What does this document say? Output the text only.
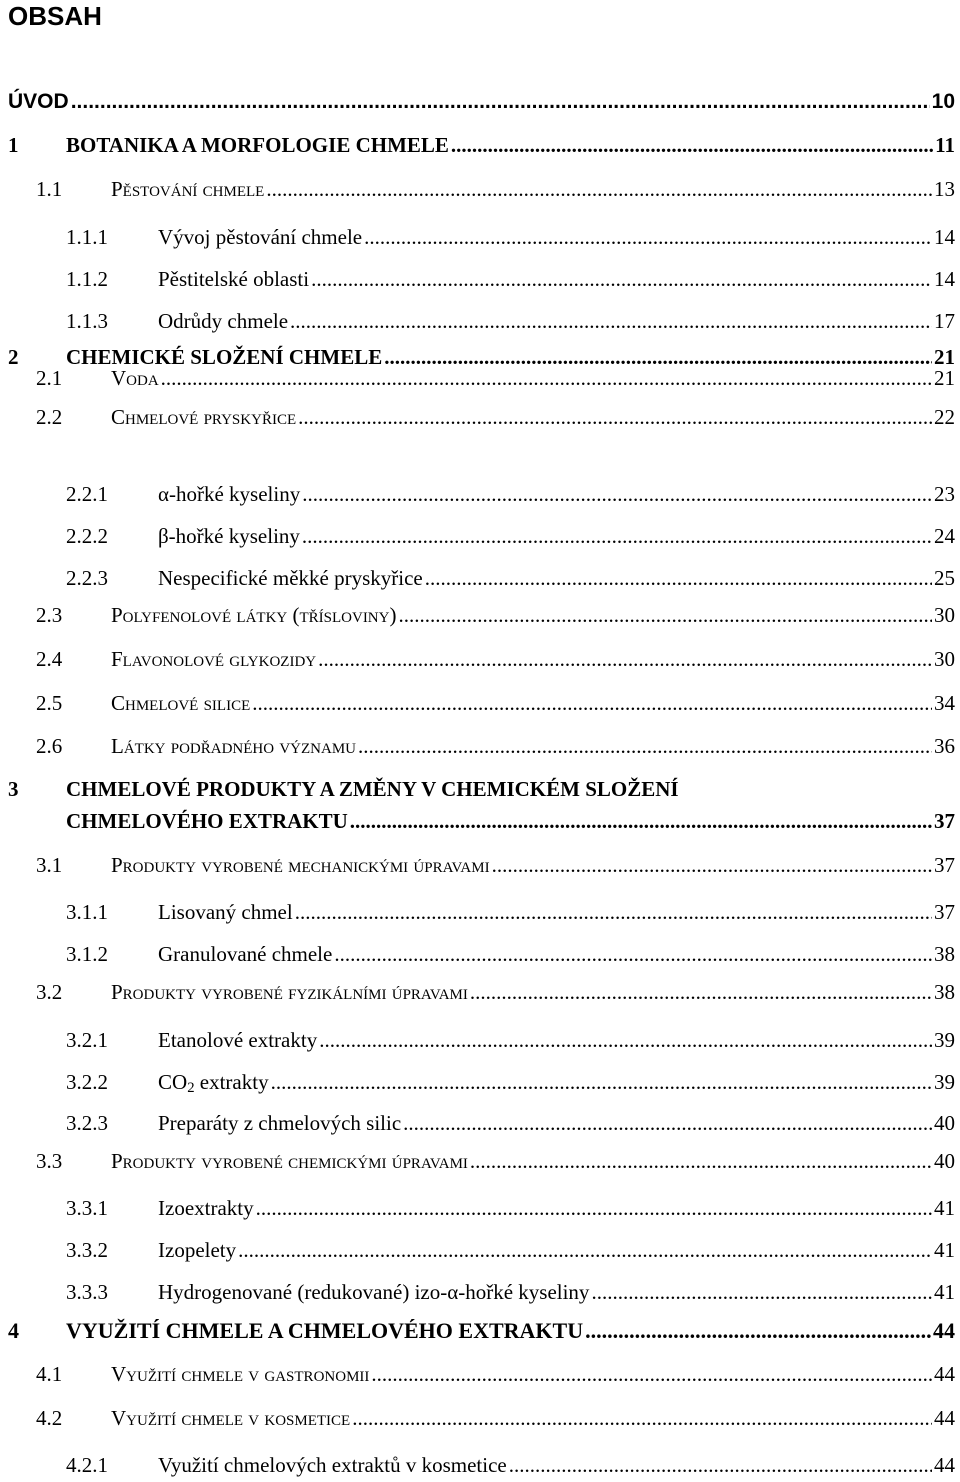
OBSAH
ÚVOD .....	10
1 BOTANIKA A MORFOLOGIE CHMELE .....	11
1.1 Pěstování chmele .....	13
1.1.1 Vývoj pěstování chmele .....	14
1.1.2 Pěstitelské oblasti .....	14
1.1.3 Odrůdy chmele .....	17
2 CHEMICKÉ SLOŽENÍ CHMELE .....	21
2.1 Voda .....	21
2.2 Chmelové pryskyřice .....	22
2.2.1 α-hořké kyseliny .....	23
2.2.2 β-hořké kyseliny .....	24
2.2.3 Nespecifické měkké pryskyřice .....	25
2.3 Polyfenolové látky (třísloviny) .....	30
2.4 Flavonolové glykozidy .....	30
2.5 Chmelové silice .....	34
2.6 Látky podřadného významu .....	36
3 CHMELOVÉ PRODUKTY A ZMĚNY V CHEMICKÉM SLOŽENÍ
CHMELOVÉHO EXTRAKTU .....	37
3.1 Produkty vyrobené mechanickými úpravami .....	37
3.1.1 Lisovaný chmel .....	37
3.1.2 Granulované chmele .....	38
3.2 Produkty vyrobené fyzikálními úpravami .....	38
3.2.1 Etanolové extrakty .....	39
3.2.2 $CO_2$ extrakty .....	39
3.2.3 Preparáty z chmelových silic .....	40
3.3 Produkty vyrobené chemickými úpravami .....	40
3.3.1 Izoextrakty .....	41
3.3.2 Izopelety .....	41
3.3.3 Hydrogenované (redukované) izo-α-hořké kyseliny .....	41
4 VYUŽITÍ CHMELE A CHMELOVÉHO EXTRAKTU .....	44
4.1 Využití chmele v gastronomii .....	44
4.2 Využití chmele v kosmetice .....	44
4.2.1 Využití chmelových extraktů v kosmetice .....	44
